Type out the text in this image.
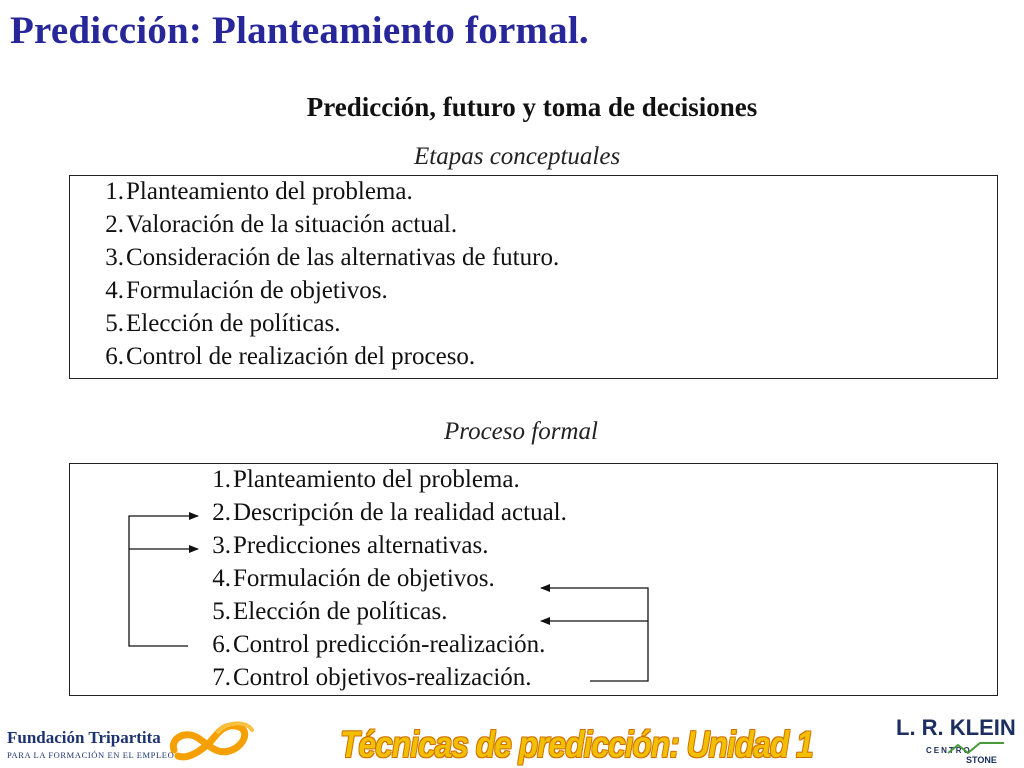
Predicción: Planteamiento formal.
Predicción, futuro y toma de decisiones
Etapas conceptuales
1.Planteamiento del problema.
2.Valoración de la situación actual.
3.Consideración de las alternativas de futuro.
4.Formulación de objetivos.
5.Elección de políticas.
6.Control de realización del proceso.
Proceso formal
1.Planteamiento del problema.
2.Descripción de la realidad actual.
3.Predicciones alternativas.
4.Formulación de objetivos.
5.Elección de políticas.
6.Control predicción-realización.
7.Control objetivos-realización.
Fundación Tripartita
PARA LA FORMACIÓN EN EL EMPLEO	Técnicas de predicción: Unidad 1	L. R. KLEIN
CENTRO
STONE
